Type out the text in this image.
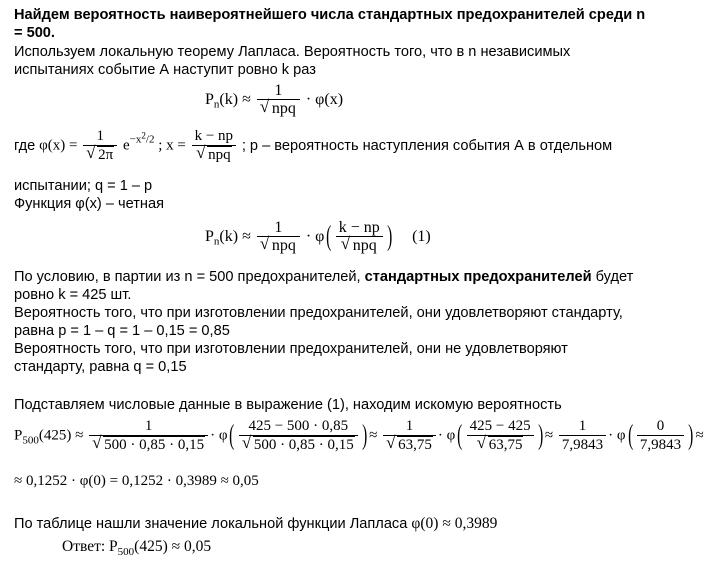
Найдем вероятность наивероятнейшего числа стандартных предохранителей среди n
= 500.
Используем локальную теорему Лапласа. Вероятность того, что в n независимых
испытаниях событие А наступит ровно k раз
$P_n(k) \approx 1$
√ npq · φ(x)
где φ(x) = 1
√ 2π $e^{-x2/2}$ ; x = k − np
√ npq ; p – вероятность наступления события А в отдельном
испытании; q = 1 – p
Функция φ(x) – четная
$P_n(k) \approx 1$
√ npq · φ( k − np
√ npq ) (1)
По условию, в партии из n = 500 предохранителей, стандартных предохранителей будет
ровно k = 425 шт.
Вероятность того, что при изготовлении предохранителей, они удовлетворяют стандарту,
равна p = 1 – q = 1 – 0,15 = 0,85
Вероятность того, что при изготовлении предохранителей, они не удовлетворяют
стандарту, равна q = 0,15
Подставляем числовые данные в выражение (1), находим искомую вероятность
$P_{500}(425) \approx 1$
√ 500 · 0,85 · 0,15 · φ( 425 − 500 · 0,85
√ 500 · 0,85 · 0,15 ) ≈ 1
√ 63,75 · φ( 425 − 425
√ 63,75 ) ≈ $\frac{1}{7,9843} \cdot \varphi( \frac{0}{7,9843}$ ) ≈
≈ 0,1252 · φ(0) = 0,1252 · 0,3989 ≈ 0,05
По таблице нашли значение локальной функции Лапласа φ(0) ≈ 0,3989
Ответ: $P_{500}(425) \approx 0,05$
